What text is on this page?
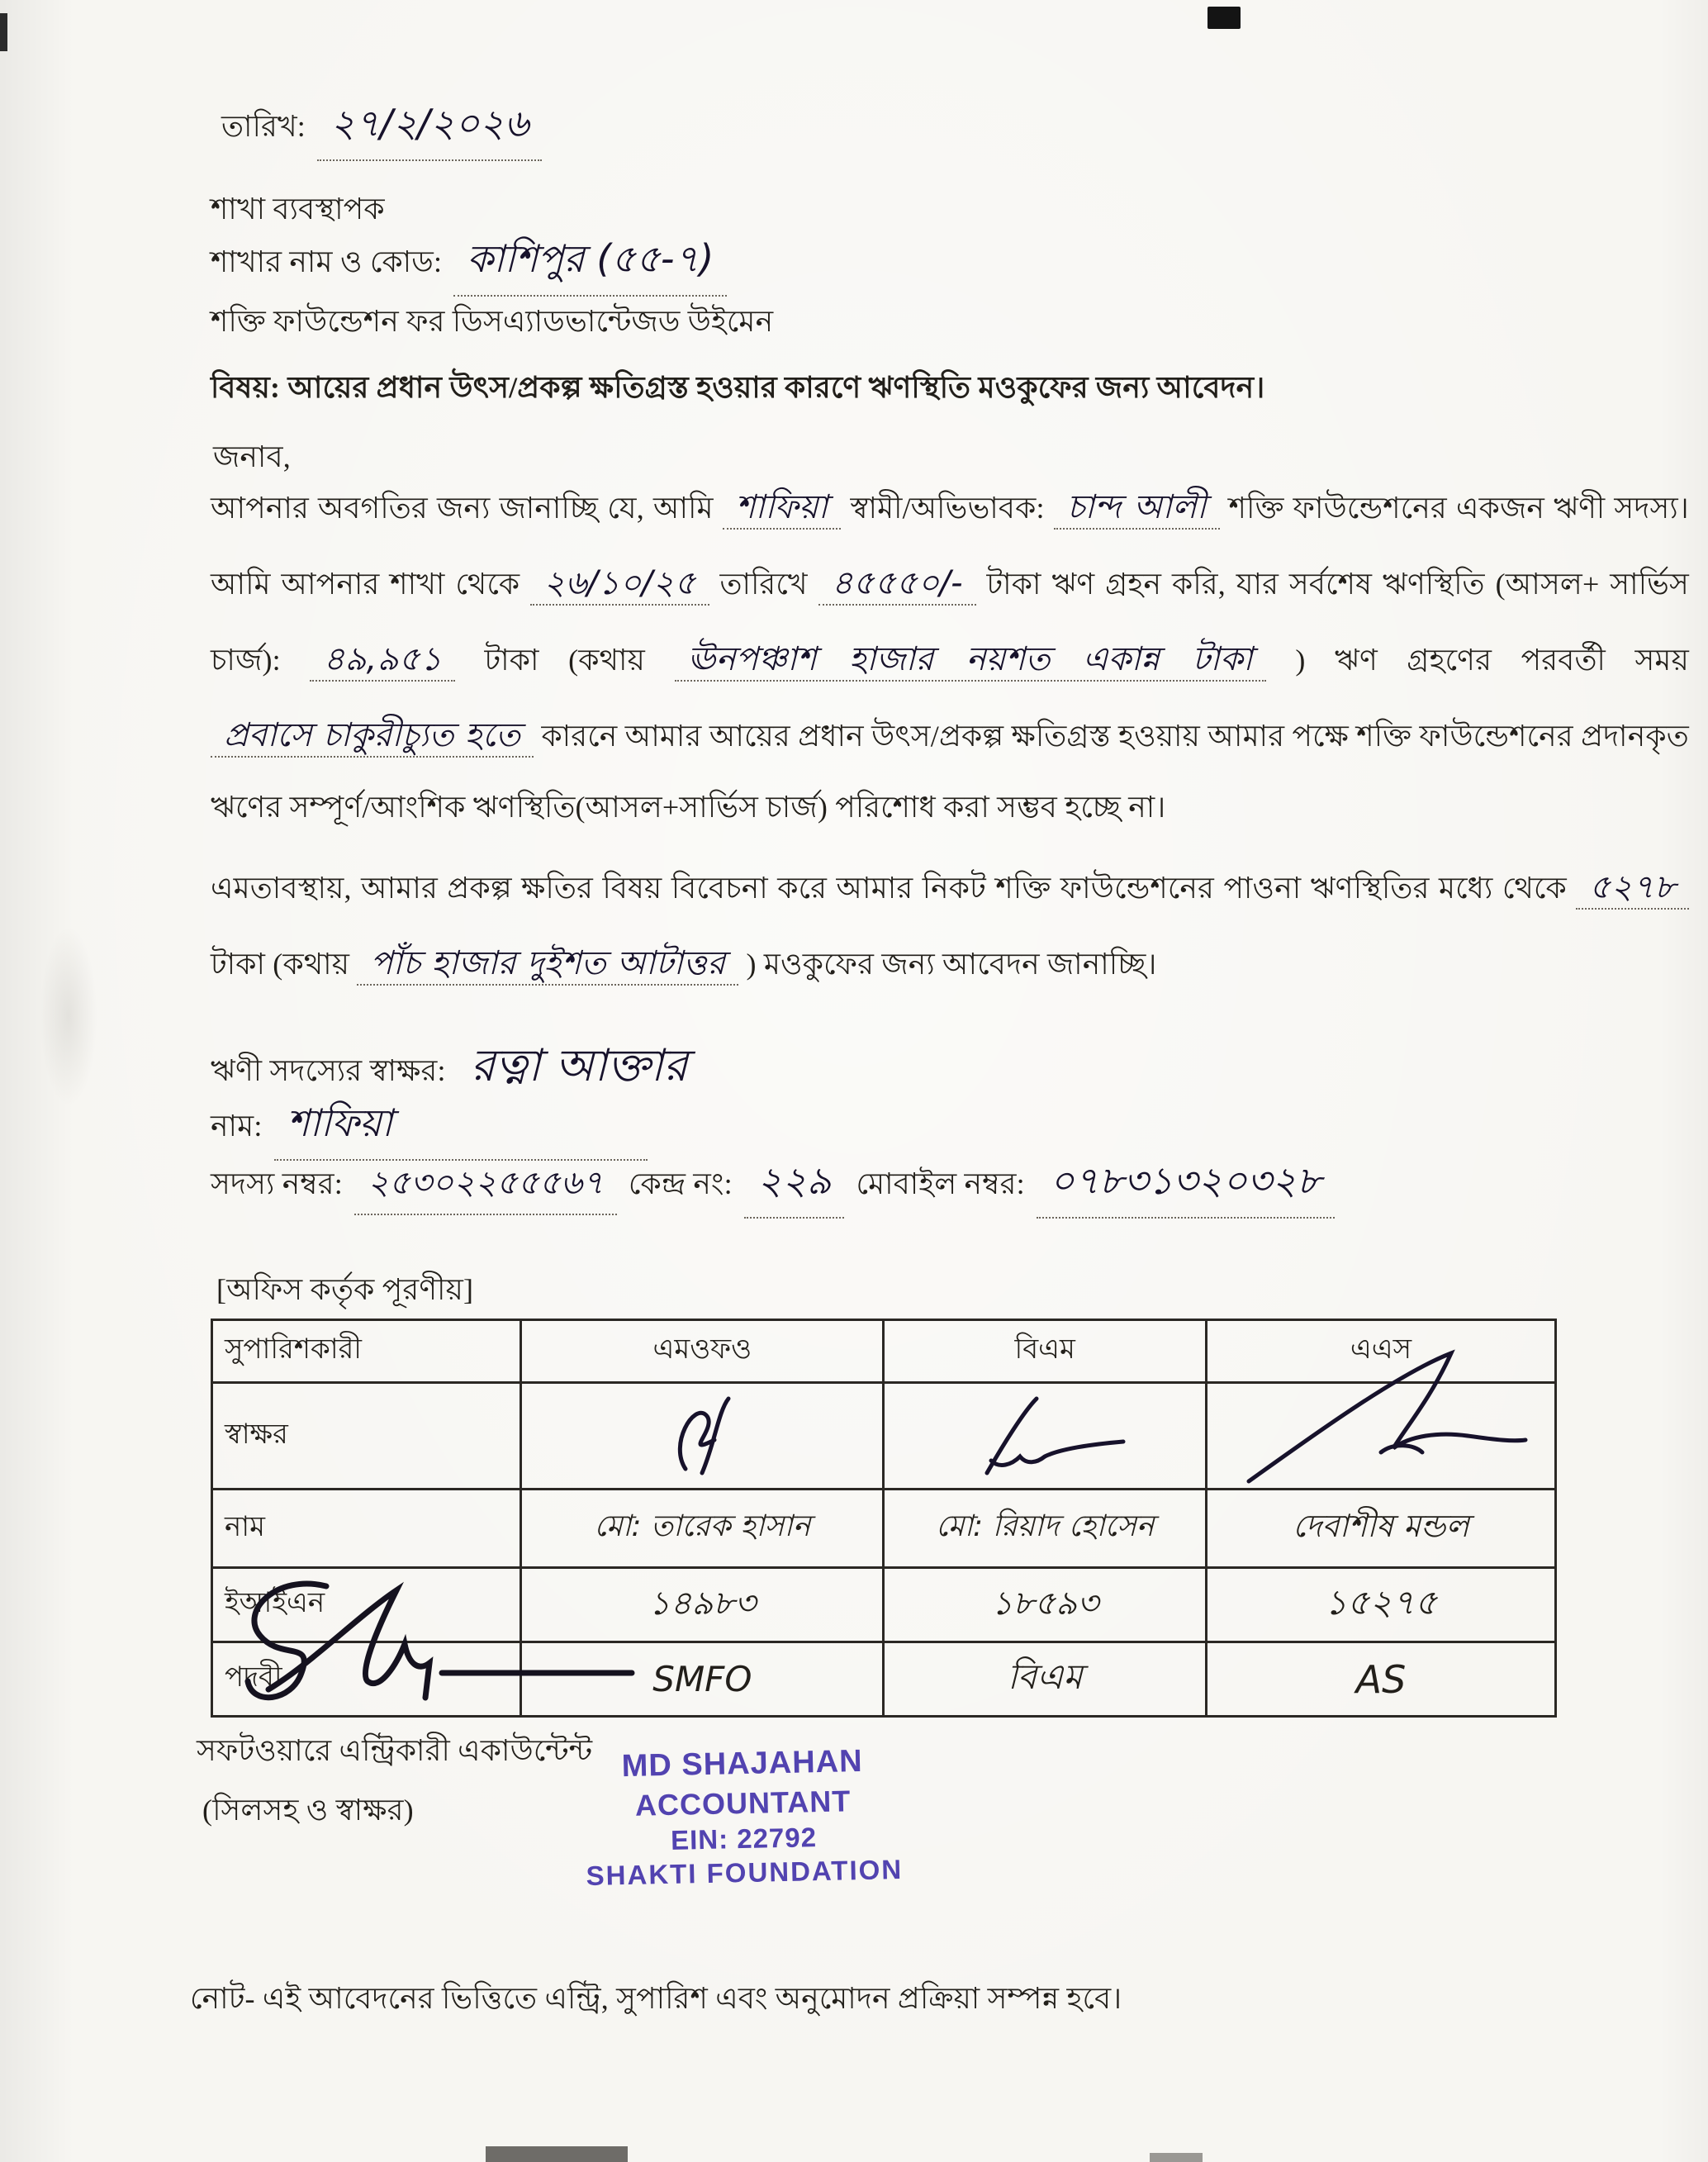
তারিখ: ২৭/২/২০২৬
শাখা ব্যবস্থাপক
শাখার নাম ও কোড: কাশিপুর (৫৫-৭)
শক্তি ফাউন্ডেশন ফর ডিসএ্যাডভান্টেজড উইমেন
বিষয়: আয়ের প্রধান উৎস/প্রকল্প ক্ষতিগ্রস্ত হওয়ার কারণে ঋণস্থিতি মওকুফের জন্য আবেদন।
জনাব,
আপনার অবগতির জন্য জানাচ্ছি যে, আমি শাফিয়া স্বামী/অভিভাবক: চান্দ আলী শক্তি ফাউন্ডেশনের একজন ঋণী সদস্য। আমি আপনার শাখা থেকে ২৬/১০/২৫ তারিখে ৪৫৫৫০/- টাকা ঋণ গ্রহন করি, যার সর্বশেষ ঋণস্থিতি (আসল+ সার্ভিস চার্জ): ৪৯,৯৫১ টাকা (কথায় ঊনপঞ্চাশ হাজার নয়শত একান্ন টাকা ) ঋণ গ্রহণের পরবর্তী সময় প্রবাসে চাকুরীচ্যুত হতে কারনে আমার আয়ের প্রধান উৎস/প্রকল্প ক্ষতিগ্রস্ত হওয়ায় আমার পক্ষে শক্তি ফাউন্ডেশনের প্রদানকৃত ঋণের সম্পূর্ণ/আংশিক ঋণস্থিতি(আসল+সার্ভিস চার্জ) পরিশোধ করা সম্ভব হচ্ছে না।
এমতাবস্থায়, আমার প্রকল্প ক্ষতির বিষয় বিবেচনা করে আমার নিকট শক্তি ফাউন্ডেশনের পাওনা ঋণস্থিতির মধ্যে থেকে ৫২৭৮ টাকা (কথায় পাঁচ হাজার দুইশত আটাত্তর ) মওকুফের জন্য আবেদন জানাচ্ছি।
ঋণী সদস্যের স্বাক্ষর: রত্না আক্তার
নাম: শাফিয়া
সদস্য নম্বর: ২৫৩০২২৫৫৫৬৭ কেন্দ্র নং: ২২৯ মোবাইল নম্বর: ০৭৮৩১৩২০৩২৮
[অফিস কর্তৃক পূরণীয়]
সুপারিশকারী	এমওফও	বিএম	এএস
স্বাক্ষর	

নাম	মো: তারেক হাসান	মো: রিয়াদ হোসেন	দেবাশীষ মন্ডল
ইআইএন	১৪৯৮৩	১৮৫৯৩	১৫২৭৫
পদবী	SMFO	বিএম	AS
সফটওয়ারে এন্ট্রিকারী একাউন্টেন্ট
(সিলসহ ও স্বাক্ষর)
MD SHAJAHAN
ACCOUNTANT
EIN: 22792
SHAKTI FOUNDATION
নোট- এই আবেদনের ভিত্তিতে এন্ট্রি, সুপারিশ এবং অনুমোদন প্রক্রিয়া সম্পন্ন হবে।
